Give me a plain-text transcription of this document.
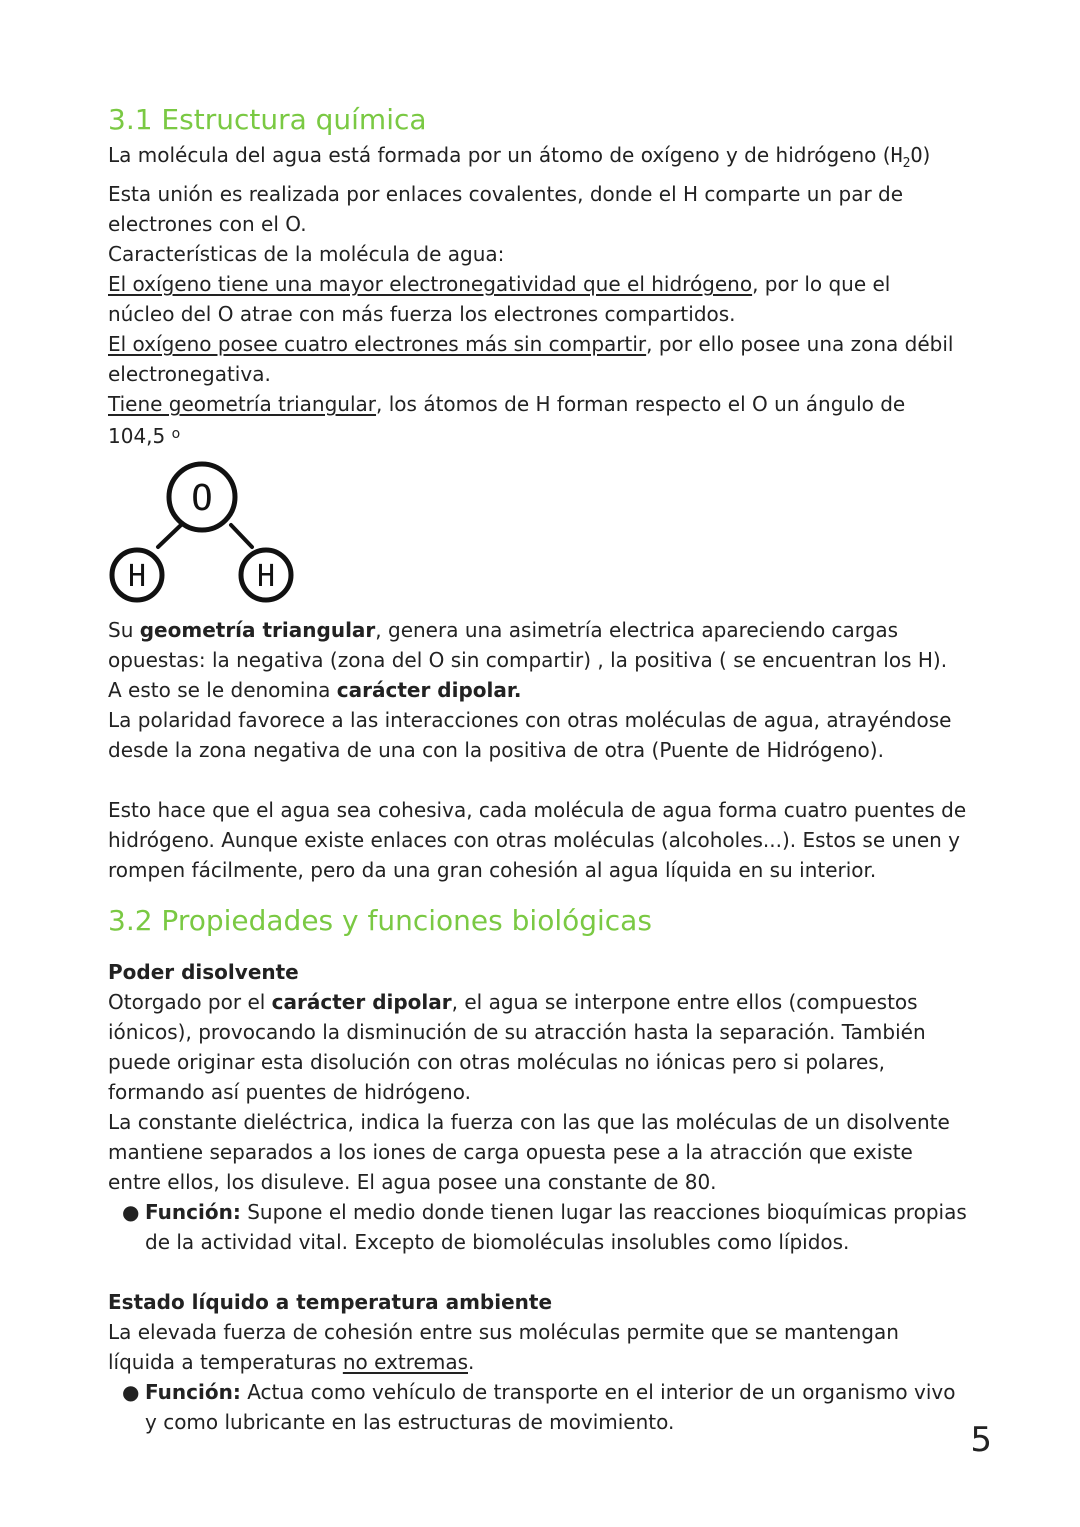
3.1 Estructura química

La molécula del agua está formada por un átomo de oxígeno y de hidrógeno $(H_2O)$

Esta unión es realizada por enlaces covalentes, donde el H comparte un par de

electrones con el O.

Características de la molécula de agua:

El oxígeno tiene una mayor electronegatividad que el hidrógeno, por lo que el

núcleo del O atrae con más fuerza los electrones compartidos.

El oxígeno posee cuatro electrones más sin compartir, por ello posee una zona débil

electronegativa.

Tiene geometría triangular, los átomos de H forman respecto el O un ángulo de

104,5 $^o$

O
H	H

Su geometría triangular, genera una asimetría electrica apareciendo cargas

opuestas: la negativa (zona del O sin compartir) , la positiva ( se encuentran los H).

A esto se le denomina carácter dipolar.

La polaridad favorece a las interacciones con otras moléculas de agua, atrayéndose

desde la zona negativa de una con la positiva de otra (Puente de Hidrógeno).

Esto hace que el agua sea cohesiva, cada molécula de agua forma cuatro puentes de

hidrógeno. Aunque existe enlaces con otras moléculas (alcoholes...). Estos se unen y

rompen fácilmente, pero da una gran cohesión al agua líquida en su interior.

3.2 Propiedades y funciones biológicas

Poder disolvente

Otorgado por el carácter dipolar, el agua se interpone entre ellos (compuestos

iónicos), provocando la disminución de su atracción hasta la separación. También

puede originar esta disolución con otras moléculas no iónicas pero si polares,

formando así puentes de hidrógeno.

La constante dieléctrica, indica la fuerza con las que las moléculas de un disolvente

mantiene separados a los iones de carga opuesta pese a la atracción que existe

entre ellos, los disuleve. El agua posee una constante de 80.

● Función: Supone el medio donde tienen lugar las reacciones bioquímicas propias

de la actividad vital. Excepto de biomoléculas insolubles como lípidos.

Estado líquido a temperatura ambiente

La elevada fuerza de cohesión entre sus moléculas permite que se mantengan

líquida a temperaturas no extremas.

● Función: Actua como vehículo de transporte en el interior de un organismo vivo

y como lubricante en las estructuras de movimiento.	5
